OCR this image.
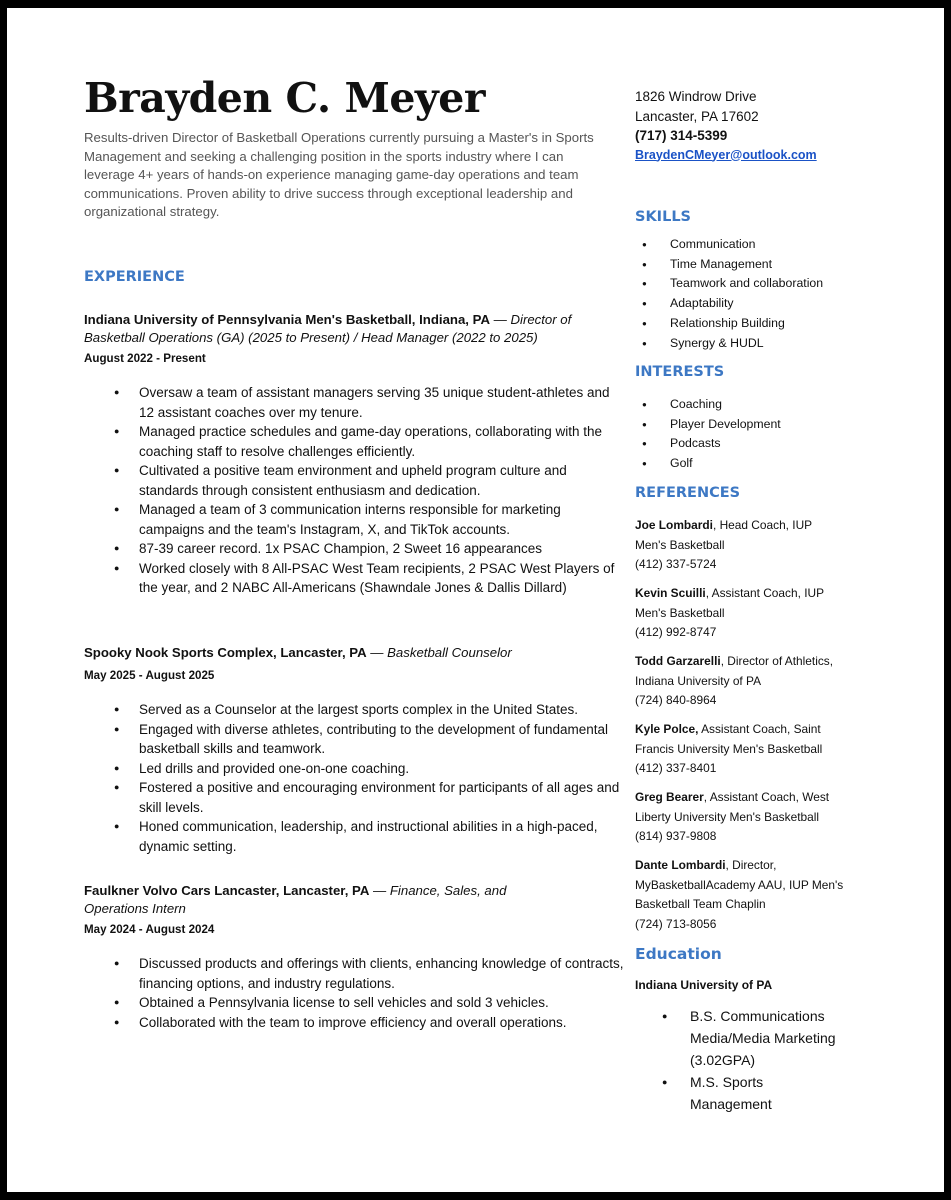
Brayden C. Meyer
Results-driven Director of Basketball Operations currently pursuing a Master's in Sports Management and seeking a challenging position in the sports industry where I can leverage 4+ years of hands-on experience managing game-day operations and team communications. Proven ability to drive success through exceptional leadership and organizational strategy.
EXPERIENCE
Indiana University of Pennsylvania Men's Basketball, Indiana, PA — Director of Basketball Operations (GA) (2025 to Present) / Head Manager (2022 to 2025)
August 2022 - Present
● Oversaw a team of assistant managers serving 35 unique student-athletes and 12 assistant coaches over my tenure.
● Managed practice schedules and game-day operations, collaborating with the coaching staff to resolve challenges efficiently.
● Cultivated a positive team environment and upheld program culture and standards through consistent enthusiasm and dedication.
● Managed a team of 3 communication interns responsible for marketing campaigns and the team's Instagram, X, and TikTok accounts.
● 87-39 career record. 1x PSAC Champion, 2 Sweet 16 appearances
● Worked closely with 8 All-PSAC West Team recipients, 2 PSAC West Players of the year, and 2 NABC All-Americans (Shawndale Jones & Dallis Dillard)
Spooky Nook Sports Complex, Lancaster, PA — Basketball Counselor
May 2025 - August 2025
● Served as a Counselor at the largest sports complex in the United States.
● Engaged with diverse athletes, contributing to the development of fundamental basketball skills and teamwork.
● Led drills and provided one-on-one coaching.
● Fostered a positive and encouraging environment for participants of all ages and skill levels.
● Honed communication, leadership, and instructional abilities in a high-paced, dynamic setting.
Faulkner Volvo Cars Lancaster, Lancaster, PA — Finance, Sales, and Operations Intern
May 2024 - August 2024
● Discussed products and offerings with clients, enhancing knowledge of contracts, financing options, and industry regulations.
● Obtained a Pennsylvania license to sell vehicles and sold 3 vehicles.
● Collaborated with the team to improve efficiency and overall operations.
1826 Windrow Drive
Lancaster, PA 17602
(717) 314-5399
BraydenCMeyer@outlook.com
SKILLS
● Communication
● Time Management
● Teamwork and collaboration
● Adaptability
● Relationship Building
● Synergy & HUDL
INTERESTS
● Coaching
● Player Development
● Podcasts
● Golf
REFERENCES
Joe Lombardi, Head Coach, IUP Men's Basketball
(412) 337-5724
Kevin Scuilli, Assistant Coach, IUP Men's Basketball
(412) 992-8747
Todd Garzarelli, Director of Athletics, Indiana University of PA
(724) 840-8964
Kyle Polce, Assistant Coach, Saint Francis University Men's Basketball
(412) 337-8401
Greg Bearer, Assistant Coach, West Liberty University Men's Basketball
(814) 937-9808
Dante Lombardi, Director, MyBasketballAcademy AAU, IUP Men's Basketball Team Chaplin
(724) 713-8056
Education
Indiana University of PA
● B.S. Communications Media/Media Marketing (3.02GPA)
● M.S. Sports Management
